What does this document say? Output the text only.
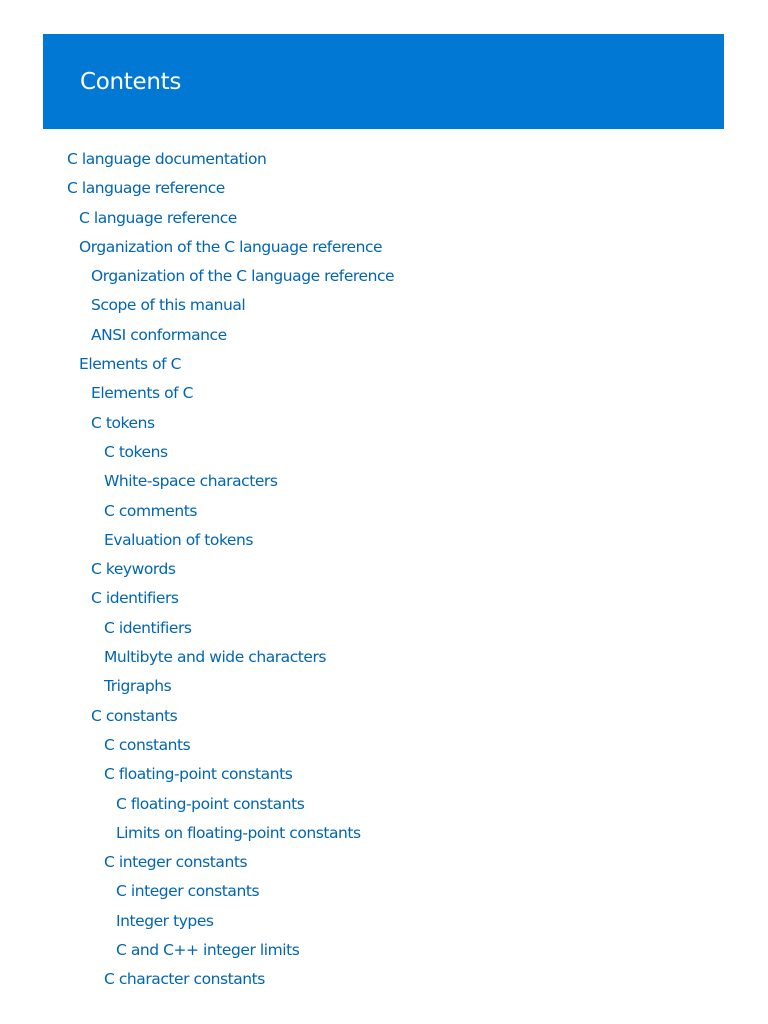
Contents
C language documentation
C language reference
C language reference
Organization of the C language reference
Organization of the C language reference
Scope of this manual
ANSI conformance
Elements of C
Elements of C
C tokens
C tokens
White-space characters
C comments
Evaluation of tokens
C keywords
C identifiers
C identifiers
Multibyte and wide characters
Trigraphs
C constants
C constants
C floating-point constants
C floating-point constants
Limits on floating-point constants
C integer constants
C integer constants
Integer types
C and C++ integer limits
C character constants
